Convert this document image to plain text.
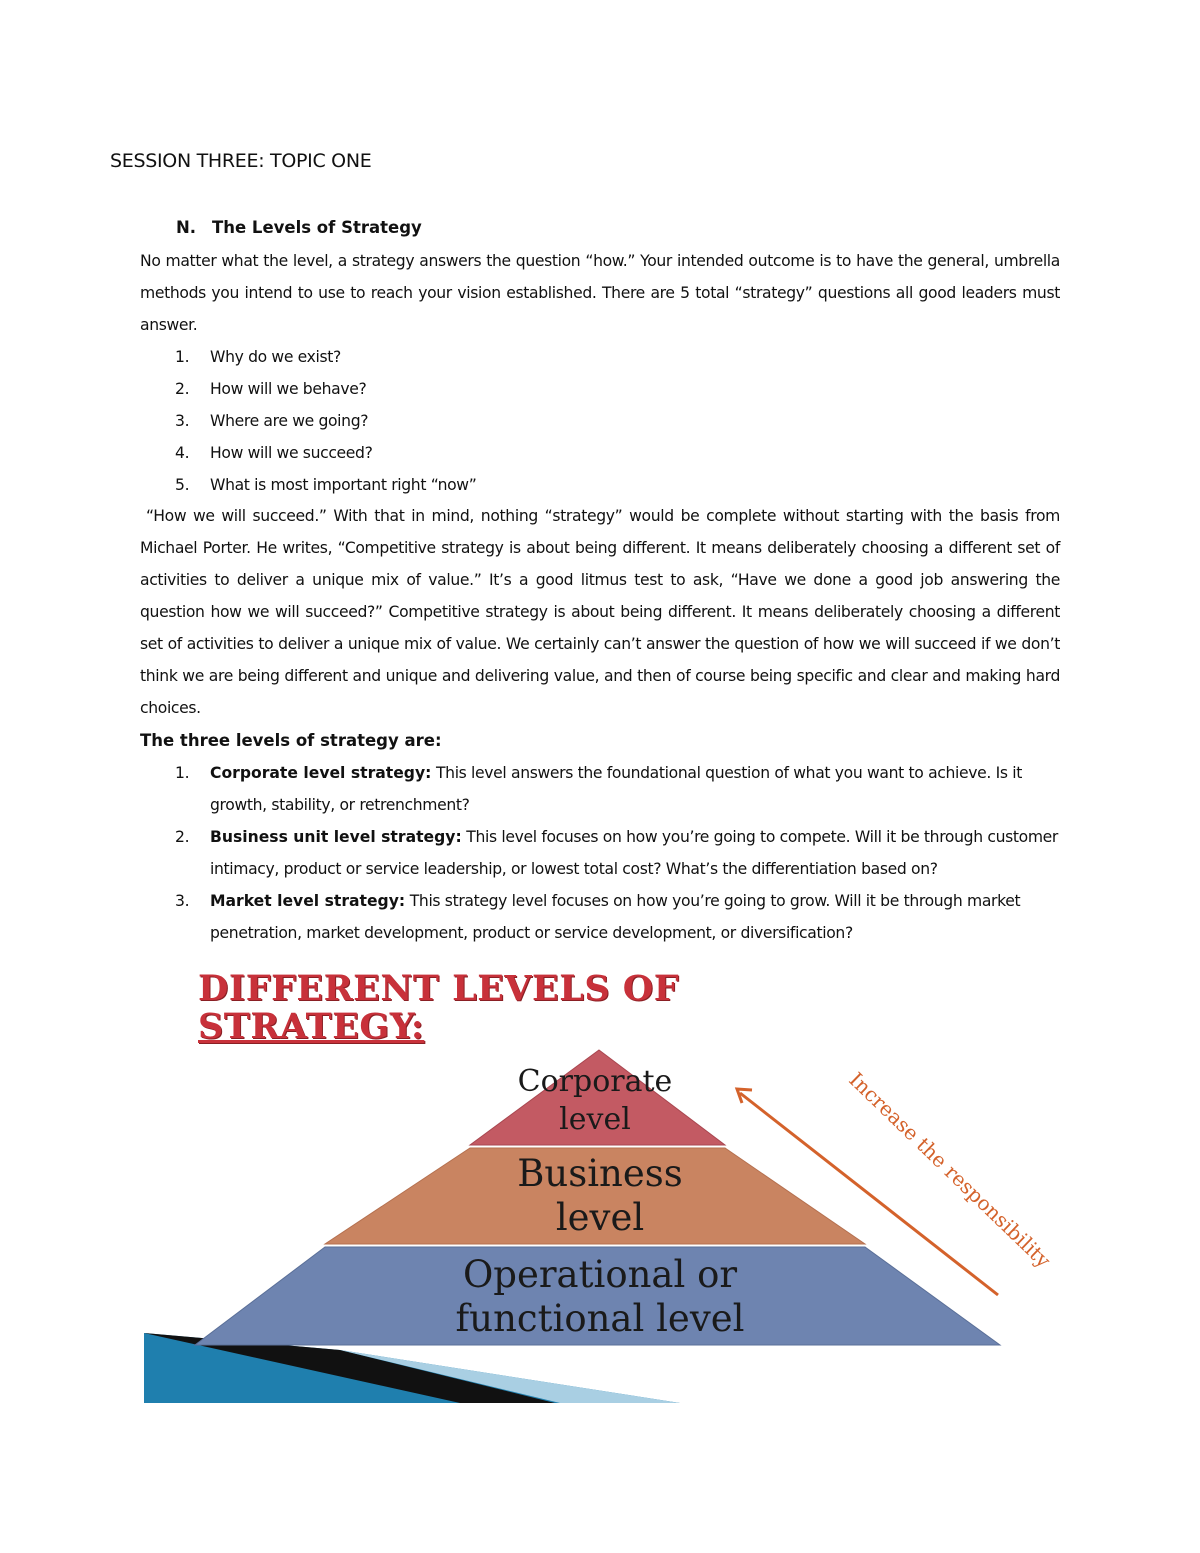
SESSION THREE: TOPIC ONE
N. The Levels of Strategy

No matter what the level, a strategy answers the question “how.” Your intended outcome is to have the general, umbrella methods you intend to use to reach your vision established. There are 5 total “strategy” questions all good leaders must answer.

1. Why do we exist?
2. How will we behave?
3. Where are we going?
4. How will we succeed?
5. What is most important right “now”

“How we will succeed.” With that in mind, nothing “strategy” would be complete without starting with the basis from Michael Porter. He writes, “Competitive strategy is about being different. It means deliberately choosing a different set of activities to deliver a unique mix of value.” It’s a good litmus test to ask, “Have we done a good job answering the question how we will succeed?” Competitive strategy is about being different. It means deliberately choosing a different set of activities to deliver a unique mix of value. We certainly can’t answer the question of how we will succeed if we don’t think we are being different and unique and delivering value, and then of course being specific and clear and making hard choices.

The three levels of strategy are:
1. Corporate level strategy: This level answers the foundational question of what you want to achieve. Is it growth, stability, or retrenchment?
2. Business unit level strategy: This level focuses on how you’re going to compete. Will it be through customer intimacy, product or service leadership, or lowest total cost? What’s the differentiation based on?
3. Market level strategy: This strategy level focuses on how you’re going to grow. Will it be through market penetration, market development, product or service development, or diversification?
DIFFERENT LEVELS OF
STRATEGY:
Corporate
level
Business
level
Operational or
functional level
Increase the responsibility
